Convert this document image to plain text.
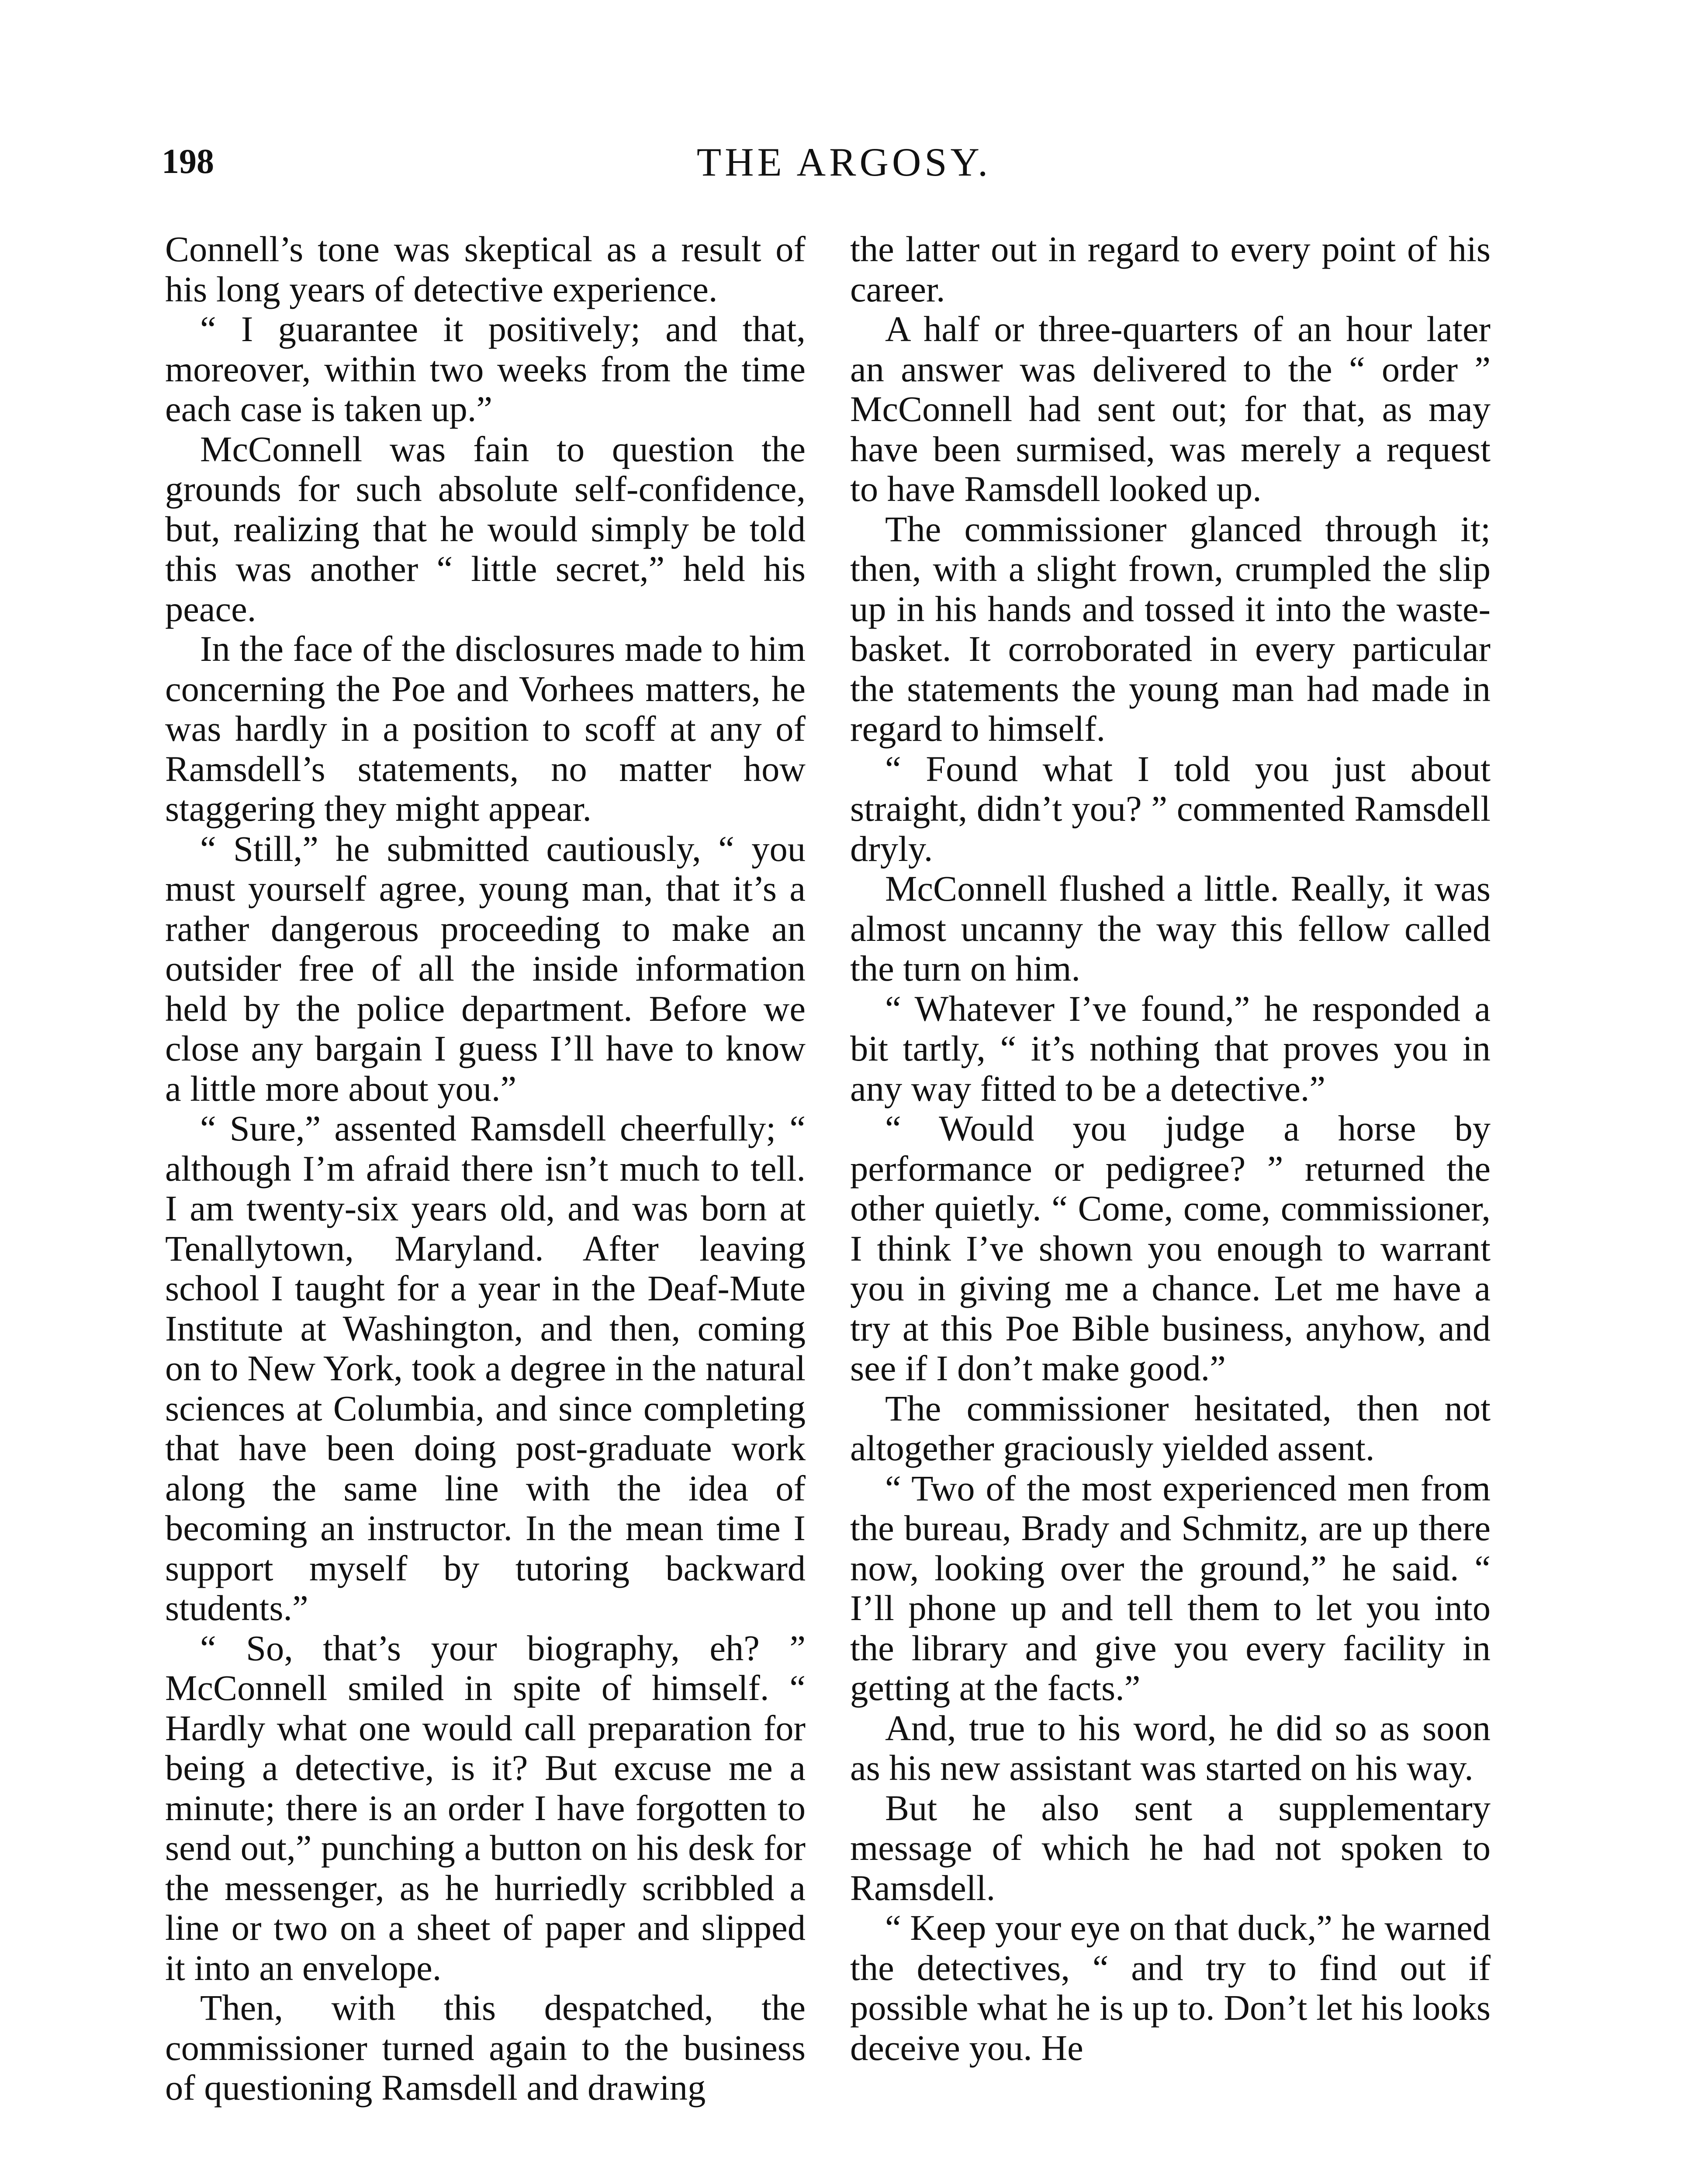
198	THE ARGOSY.

Connell’s tone was skeptical as a result of his long years of detective experience.

“ I guarantee it positively; and that, moreover, within two weeks from the time each case is taken up.”

McConnell was fain to question the grounds for such absolute self-confidence, but, realizing that he would simply be told this was another “ little secret,” held his peace.

In the face of the disclosures made to him concerning the Poe and Vorhees matters, he was hardly in a position to scoff at any of Ramsdell’s statements, no matter how staggering they might appear.

“ Still,” he submitted cautiously, “ you must yourself agree, young man, that it’s a rather dangerous proceeding to make an outsider free of all the inside information held by the police department. Before we close any bargain I guess I’ll have to know a little more about you.”

“ Sure,” assented Ramsdell cheerfully; “ although I’m afraid there isn’t much to tell. I am twenty-six years old, and was born at Tenallytown, Maryland. After leaving school I taught for a year in the Deaf-Mute Institute at Washington, and then, coming on to New York, took a degree in the natural sciences at Columbia, and since completing that have been doing post-graduate work along the same line with the idea of becoming an instructor. In the mean time I support myself by tutoring backward students.”

“ So, that’s your biography, eh? ” McConnell smiled in spite of himself. “ Hardly what one would call preparation for being a detective, is it? But excuse me a minute; there is an order I have forgotten to send out,” punching a button on his desk for the messenger, as he hurriedly scribbled a line or two on a sheet of paper and slipped it into an envelope.

Then, with this despatched, the commissioner turned again to the business of questioning Ramsdell and drawing

the latter out in regard to every point of his career.

A half or three-quarters of an hour later an answer was delivered to the “ order ” McConnell had sent out; for that, as may have been surmised, was merely a request to have Ramsdell looked up.

The commissioner glanced through it; then, with a slight frown, crumpled the slip up in his hands and tossed it into the waste-basket. It corroborated in every particular the statements the young man had made in regard to himself.

“ Found what I told you just about straight, didn’t you? ” commented Ramsdell dryly.

McConnell flushed a little. Really, it was almost uncanny the way this fellow called the turn on him.

“ Whatever I’ve found,” he responded a bit tartly, “ it’s nothing that proves you in any way fitted to be a detective.”

“ Would you judge a horse by performance or pedigree? ” returned the other quietly. “ Come, come, commissioner, I think I’ve shown you enough to warrant you in giving me a chance. Let me have a try at this Poe Bible business, anyhow, and see if I don’t make good.”

The commissioner hesitated, then not altogether graciously yielded assent.

“ Two of the most experienced men from the bureau, Brady and Schmitz, are up there now, looking over the ground,” he said. “ I’ll phone up and tell them to let you into the library and give you every facility in getting at the facts.”

And, true to his word, he did so as soon as his new assistant was started on his way.

But he also sent a supplementary message of which he had not spoken to Ramsdell.

“ Keep your eye on that duck,” he warned the detectives, “ and try to find out if possible what he is up to. Don’t let his looks deceive you. He
